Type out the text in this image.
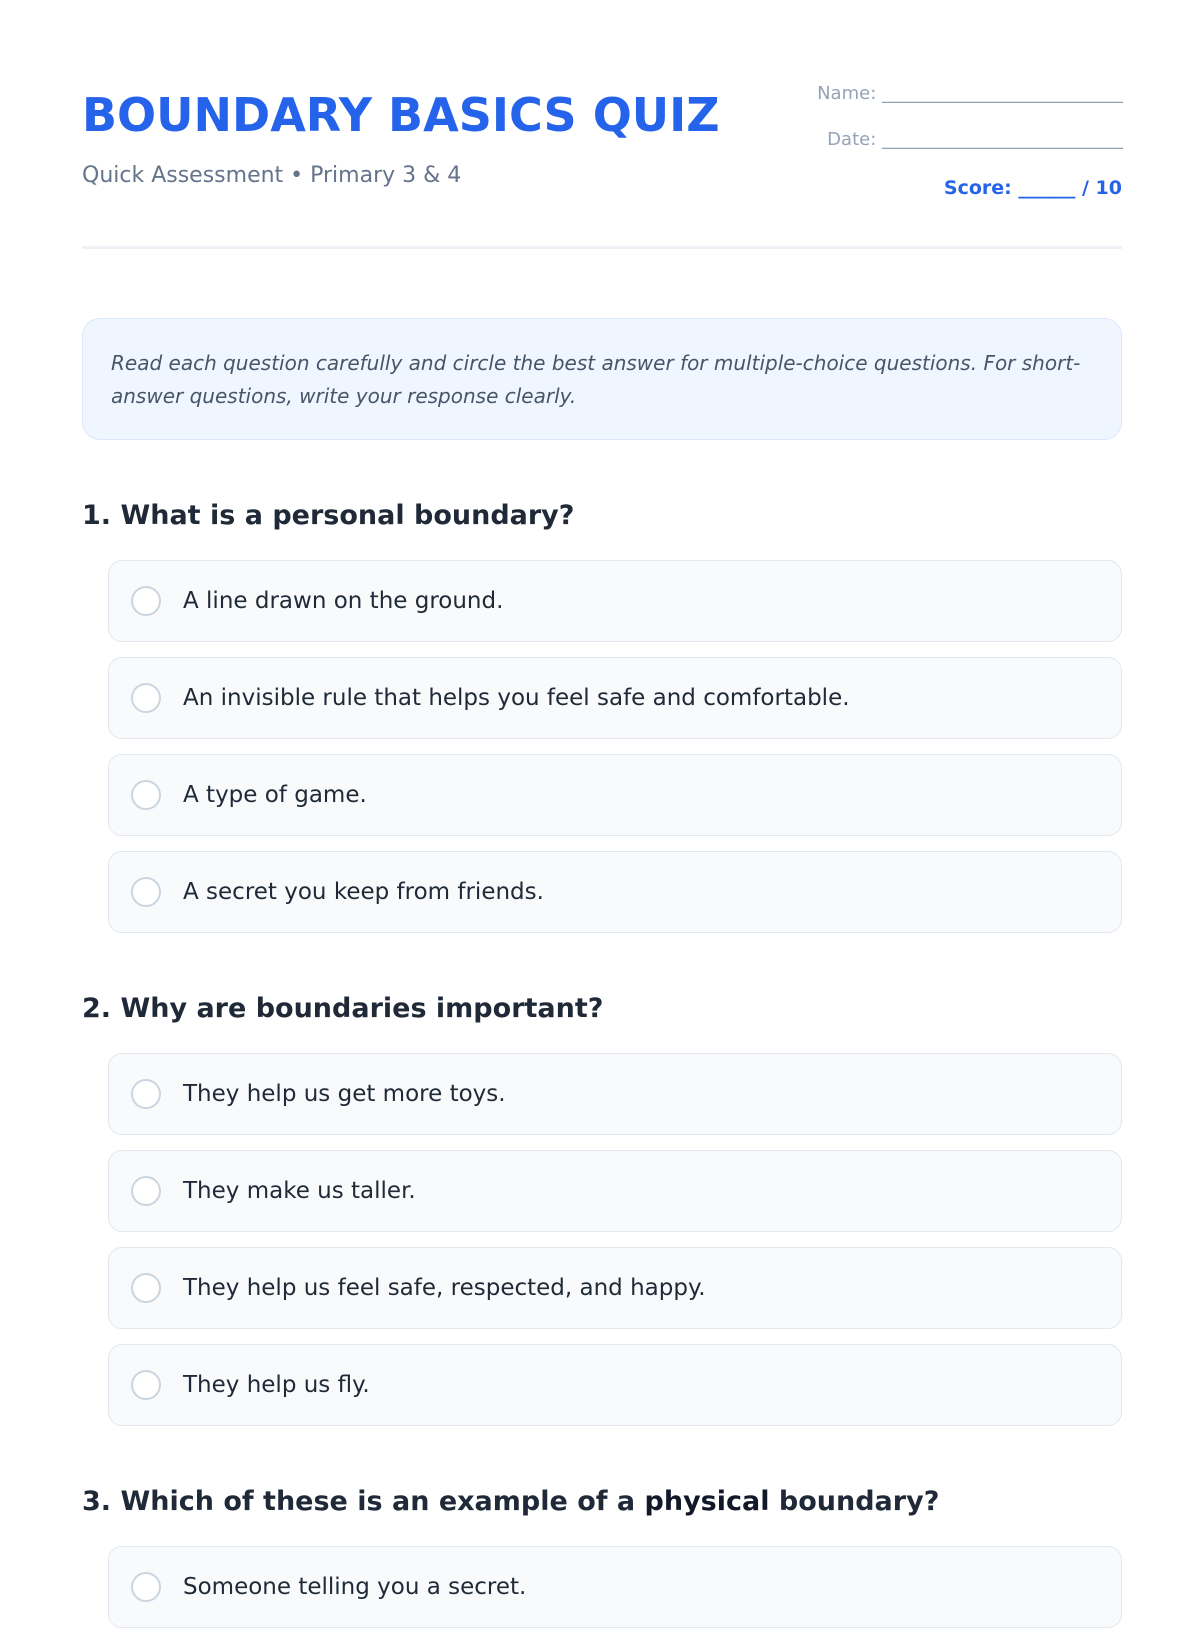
BOUNDARY BASICS QUIZ
Quick Assessment • Primary 3 & 4
Name: ______________________________
Date: ______________________________
Score: ______ / 10
Read each question carefully and circle the best answer for multiple-choice questions. For short-answer questions, write your response clearly.
1. What is a personal boundary?
A line drawn on the ground.
An invisible rule that helps you feel safe and comfortable.
A type of game.
A secret you keep from friends.
2. Why are boundaries important?
They help us get more toys.
They make us taller.
They help us feel safe, respected, and happy.
They help us fly.
3. Which of these is an example of a physical boundary?
Someone telling you a secret.
